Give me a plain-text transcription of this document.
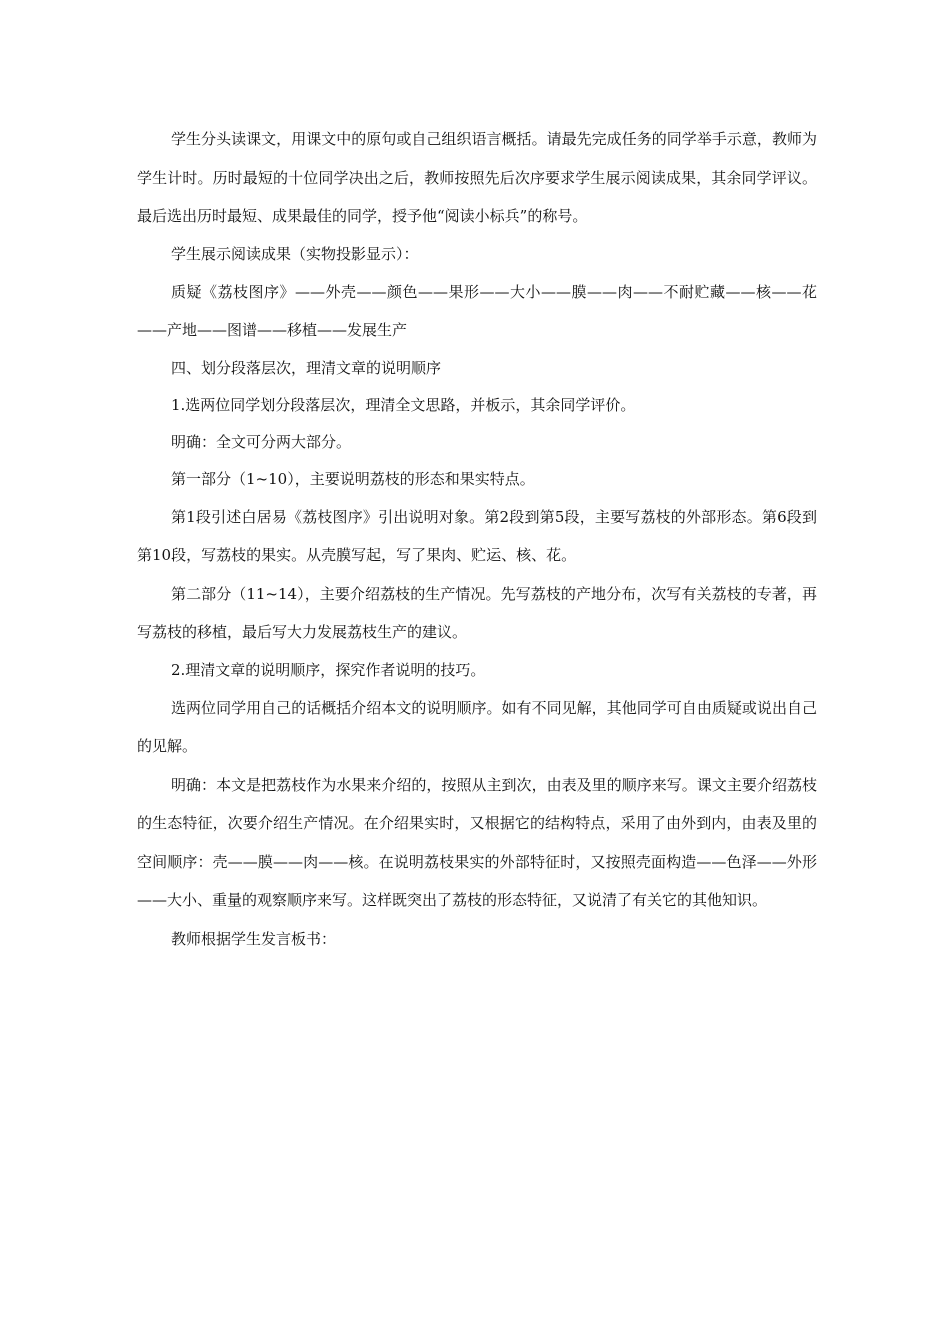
学生分头读课文，用课文中的原句或自己组织语言概括。请最先完成任务的同学举手示意，教师为学生计时。历时最短的十位同学决出之后，教师按照先后次序要求学生展示阅读成果，其余同学评议。最后选出历时最短、成果最佳的同学，授予他“阅读小标兵”的称号。

学生展示阅读成果（实物投影显示）：

质疑《荔枝图序》——外壳——颜色——果形——大小——膜——肉——不耐贮藏——核——花——产地——图谱——移植——发展生产

四、划分段落层次，理清文章的说明顺序

1.选两位同学划分段落层次，理清全文思路，并板示，其余同学评价。

明确：全文可分两大部分。

第一部分（1~10），主要说明荔枝的形态和果实特点。

第1段引述白居易《荔枝图序》引出说明对象。第2段到第5段，主要写荔枝的外部形态。第6段到第10段，写荔枝的果实。从壳膜写起，写了果肉、贮运、核、花。

第二部分（11~14），主要介绍荔枝的生产情况。先写荔枝的产地分布，次写有关荔枝的专著，再写荔枝的移植，最后写大力发展荔枝生产的建议。

2.理清文章的说明顺序，探究作者说明的技巧。

选两位同学用自己的话概括介绍本文的说明顺序。如有不同见解，其他同学可自由质疑或说出自己的见解。

明确：本文是把荔枝作为水果来介绍的，按照从主到次，由表及里的顺序来写。课文主要介绍荔枝的生态特征，次要介绍生产情况。在介绍果实时，又根据它的结构特点，采用了由外到内，由表及里的空间顺序：壳——膜——肉——核。在说明荔枝果实的外部特征时，又按照壳面构造——色泽——外形——大小、重量的观察顺序来写。这样既突出了荔枝的形态特征，又说清了有关它的其他知识。

教师根据学生发言板书：
